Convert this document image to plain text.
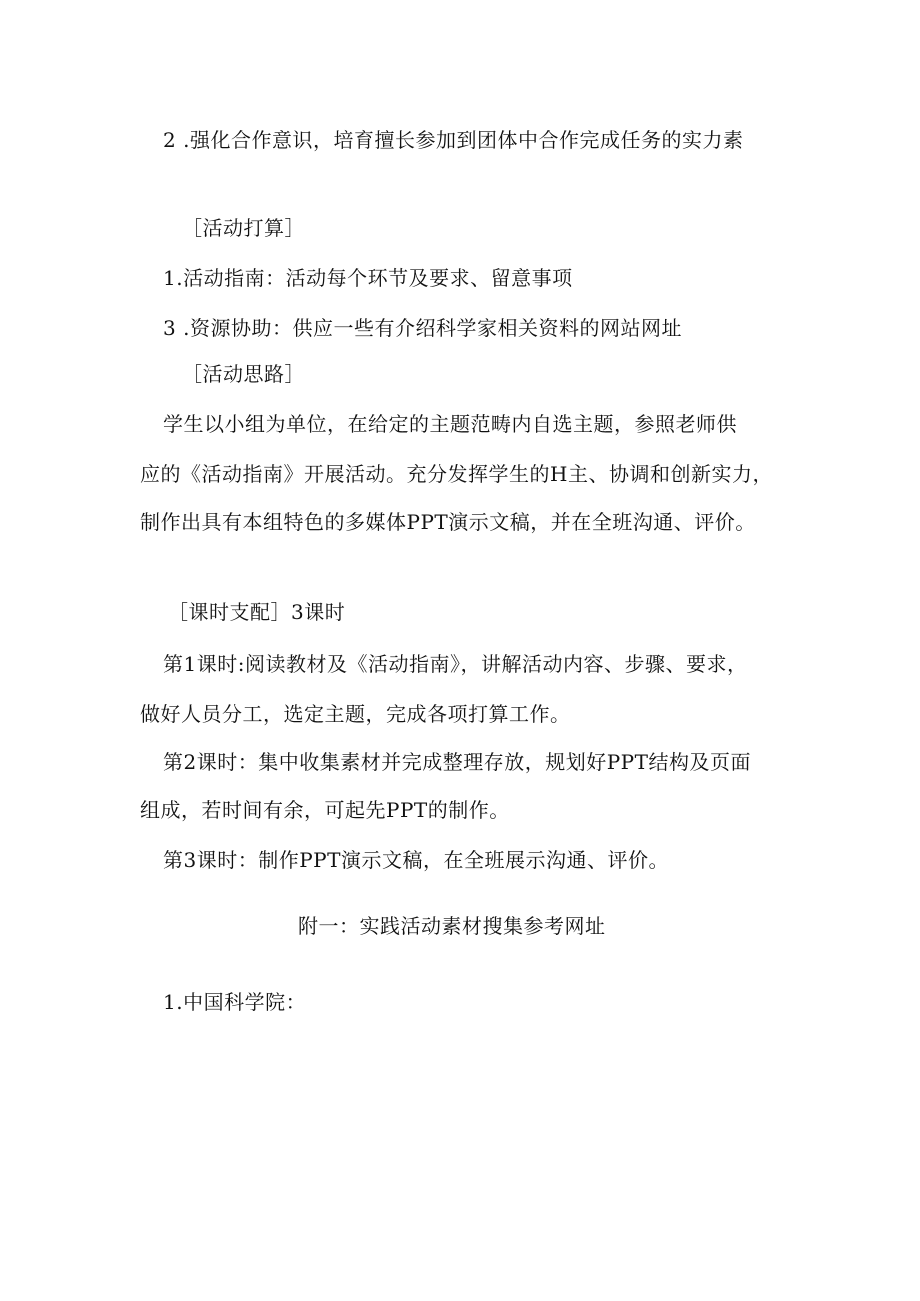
2 .强化合作意识，培育擅长参加到团体中合作完成任务的实力素
［活动打算］
1.活动指南：活动每个环节及要求、留意事项
3 .资源协助：供应一些有介绍科学家相关资料的网站网址
［活动思路］
学生以小组为单位，在给定的主题范畴内自选主题，参照老师供
应的《活动指南》开展活动。充分发挥学生的H主、协调和创新实力，
制作出具有本组特色的多媒体PPT演示文稿，并在全班沟通、评价。
［课时支配］3课时
第1课时:阅读教材及《活动指南》，讲解活动内容、步骤、要求，
做好人员分工，选定主题，完成各项打算工作。
第2课时：集中收集素材并完成整理存放，规划好PPT结构及页面
组成，若时间有余，可起先PPT的制作。
第3课时：制作PPT演示文稿，在全班展示沟通、评价。
附一：实践活动素材搜集参考网址
1.中国科学院：
